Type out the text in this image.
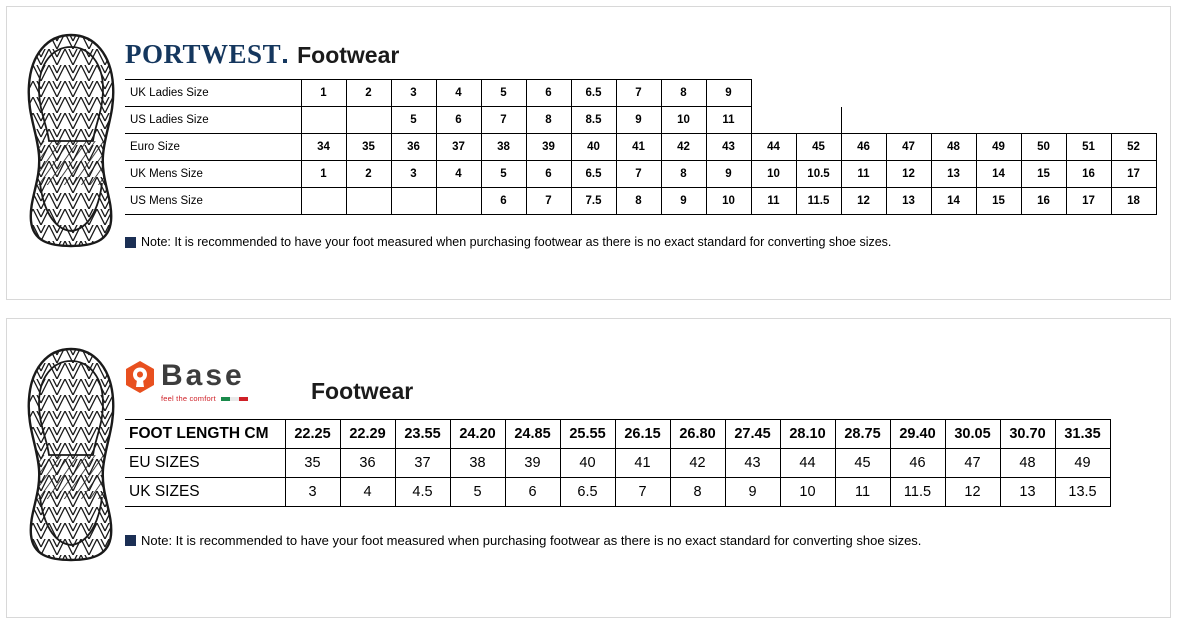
PORTWEST Footwear
UK Ladies Size	1	2	3	4	5	6	6.5	7	8	9									
US Ladies Size			5	6	7	8	8.5	9	10	11									
Euro Size	34	35	36	37	38	39	40	41	42	43	44	45	46	47	48	49	50	51	52
UK Mens Size	1	2	3	4	5	6	6.5	7	8	9	10	10.5	11	12	13	14	15	16	17
US Mens Size					6	7	7.5	8	9	10	11	11.5	12	13	14	15	16	17	18
Note: It is recommended to have your foot measured when purchasing footwear as there is no exact standard for converting shoe sizes.
Base
feel the comfort	Footwear
FOOT LENGTH CM	22.25	22.29	23.55	24.20	24.85	25.55	26.15	26.80	27.45	28.10	28.75	29.40	30.05	30.70	31.35
EU SIZES	35	36	37	38	39	40	41	42	43	44	45	46	47	48	49
UK SIZES	3	4	4.5	5	6	6.5	7	8	9	10	11	11.5	12	13	13.5
Note: It is recommended to have your foot measured when purchasing footwear as there is no exact standard for converting shoe sizes.
